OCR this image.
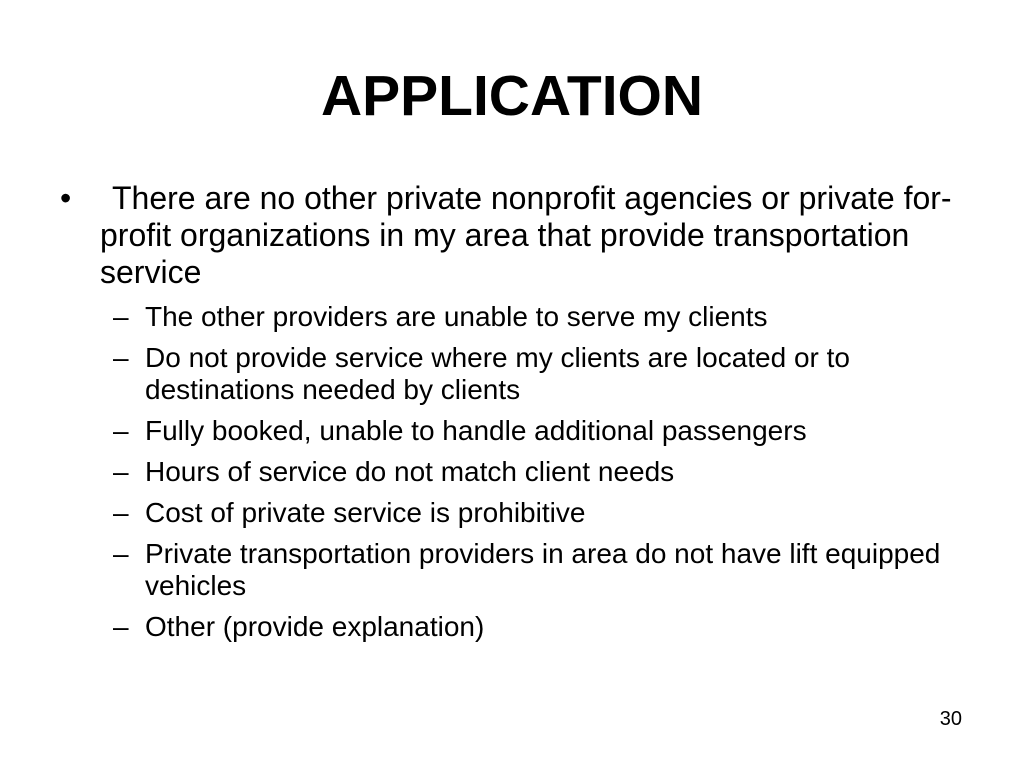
APPLICATION
•	There are no other private nonprofit agencies or private for-profit organizations in my area that provide transportation service
– The other providers are unable to serve my clients
– Do not provide service where my clients are located or to destinations needed by clients
– Fully booked, unable to handle additional passengers
– Hours of service do not match client needs
– Cost of private service is prohibitive
– Private transportation providers in area do not have lift equipped vehicles
– Other (provide explanation)
30
